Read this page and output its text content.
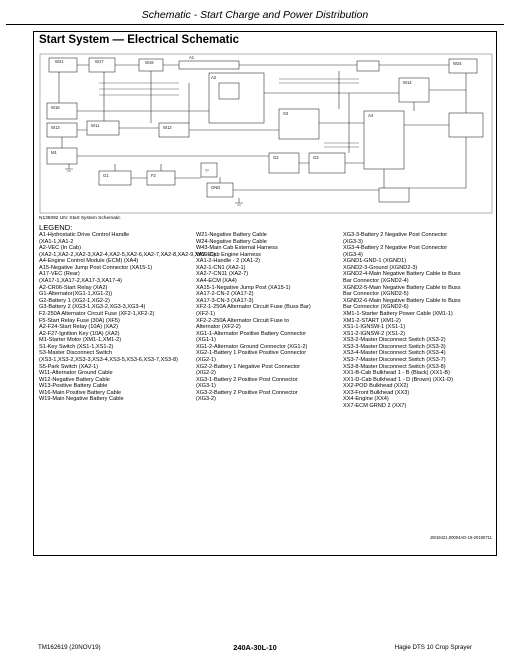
Schematic - Start Charge and Power Distribution
Start System — Electrical Schematic
W21	W17	W19
A1
A2
W16
W13	W11	W12
M1
G1	F2
S3
G2	G3
A4
W24
GND
W14
N135092 UN: Start System Schematic
LEGEND:
A1-Hydrostatic Drive Control Handle
(XA1-1,XA1-2
A2-VEC (In Cab)
(XA2-1,XA2-2,XA2-3,XA2-4,XA2-5,XA2-6,XA2-7,XA2-8,XA2-9,XA2-10)
A4-Engine Control Module (ECM) (XA4)
A15-Negative Jump Post Connector (XA15-1)
A17-VEC (Rear)
(XA17-1,XA17-2,XA17-3,XA17-4)
A2-CR06-Start Relay (XA2)
G1-Alternator(XG1-1,XG1-2))
G2-Battery 1 (XG2-1,XG2-2)
G3-Battery 2 (XG3-1,XG3-2,XG3-3,XG3-4)
F2-250A Alternator Circuit Fuse (XF2-1,XF2-2)
F5-Start Relay Fuse (30A) (XF5)
A2-F24-Start Relay (10A) (XA2)
A2-F27-Ignition Key (10A) (XA2)
M1-Starter Motor (XM1-1,XM1-2)
S1-Key Switch (XS1-1,XS1-2)
S3-Master Disconnect Switch
(XS3-1,XS3-2,XS3-3,XS3-4,XS3-5,XS3-6,XS3-7,XS3-8)
S5-Park Switch (XA2-1)
W11-Alternator Ground Cable
W12-Negative Battery Cable
W13-Positive Battery Cable
W16-Main Positive Battery Cable
W19-Main Negative Battery Cable
W21-Negative Battery Cable
W24-Negative Battery Cable
W43-Main Cab External Harness
W50-Cab Engine Harness
XA1-2-Handle - 2 (XA1-2)
XA2-1-CN1 (XA2-1)
XA2-7-CN11 (XA2-7)
XA4-ECM (XA4)
XA15-1-Negative Jump Post (XA15-1)
XA17-2-CN-2 (XA17-2)
XA17-3-CN-3 (XA17-3)
XF2-1-250A Alternator Circuit Fuse (Buss Bar)
(XF2-1)
XF2-2-250A Alternator Circuit Fuse to
Alternator (XF2-2)
XG1-1-Alternator Positive Battery Connector
(XG1-1)
XG1-2-Alternator Ground Connector (XG1-2)
XG2-1-Battery 1 Positive Positive Connector
(XG2-1)
XG2-2-Battery 1 Negative Post Connector
(XG2-2)
XG3-1-Battery 2 Positive Post Connector
(XG3-1)
XG3-2-Battery 2 Positive Post Connector
(XG3-2)
XG3-3-Battery 2 Negative Post Connector
(XG3-3)
XG3-4-Battery 2 Negative Post Connector
(XG3-4)
XGND1-GND-1 (XGND1)
XGND2-3-Ground (XGND2-3)
XGND2-4-Main Negative Battery Cable to Buss
Bar Connector (XGND2-4)
XGND2-5-Main Negative Battery Cable to Buss
Bar Connector (XGND2-5)
XGND2-6-Main Negative Battery Cable to Buss
Bar Connector (XGND2-6)
XM1-1-Starter Battery Power Cable (XM1-1)
XM1-2-START (XM1-2)
XS1-1-IGNSW-1 (XS1-1)
XS1-2-IGNSW-2 (XS1-2)
XS3-2-Master Disconnect Switch (XS3-2)
XS3-3-Master Disconnect Switch (XS3-3)
XS3-4-Master Disconnect Switch (XS3-4)
XS3-7-Master Disconnect Switch (XS3-7)
XS3-8-Master Disconnect Switch (XS3-8)
XX1-B-Cab Bulkhead 1 - B (Black) (XX1-B)
XX1-D-Cab Bulkhead 1 - D (Brown) (XX1-D)
XX2-POD Bulkhead (XX2)
XX3-Front Bulkhead (XX3)
XX4-Engine (XX4)
XX7-ECM GRND 2 (XX7)
JW19421,00004AD-19-20190711
TM162619 (20NOV19)	240A-30L-10	Hagie DTS 10 Crop Sprayer
